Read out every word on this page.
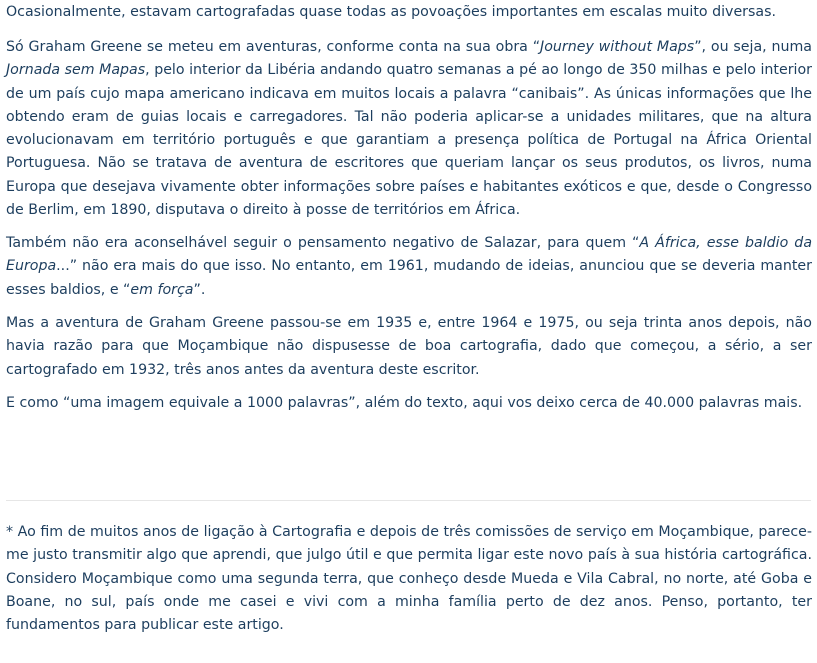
Ocasionalmente, estavam cartografadas quase todas as povoações importantes em escalas muito diversas.

Só Graham Greene se meteu em aventuras, conforme conta na sua obra “Journey without Maps”, ou seja, numa Jornada sem Mapas, pelo interior da Libéria andando quatro semanas a pé ao longo de 350 milhas e pelo interior de um país cujo mapa americano indicava em muitos locais a palavra “canibais”. As únicas informações que lhe obtendo eram de guias locais e carregadores. Tal não poderia aplicar-se a unidades militares, que na altura evolucionavam em território português e que garantiam a presença política de Portugal na África Oriental Portuguesa. Não se tratava de aventura de escritores que queriam lançar os seus produtos, os livros, numa Europa que desejava vivamente obter informações sobre países e habitantes exóticos e que, desde o Congresso de Berlim, em 1890, disputava o direito à posse de territórios em África.

Também não era aconselhável seguir o pensamento negativo de Salazar, para quem “A África, esse baldio da Europa...” não era mais do que isso. No entanto, em 1961, mudando de ideias, anunciou que se deveria manter esses baldios, e “em força”.

Mas a aventura de Graham Greene passou-se em 1935 e, entre 1964 e 1975, ou seja trinta anos depois, não havia razão para que Moçambique não dispusesse de boa cartografia, dado que começou, a sério, a ser cartografado em 1932, três anos antes da aventura deste escritor.

E como “uma imagem equivale a 1000 palavras”, além do texto, aqui vos deixo cerca de 40.000 palavras mais.

* Ao fim de muitos anos de ligação à Cartografia e depois de três comissões de serviço em Moçambique, parece-me justo transmitir algo que aprendi, que julgo útil e que permita ligar este novo país à sua história cartográfica. Considero Moçambique como uma segunda terra, que conheço desde Mueda e Vila Cabral, no norte, até Goba e Boane, no sul, país onde me casei e vivi com a minha família perto de dez anos. Penso, portanto, ter fundamentos para publicar este artigo.
